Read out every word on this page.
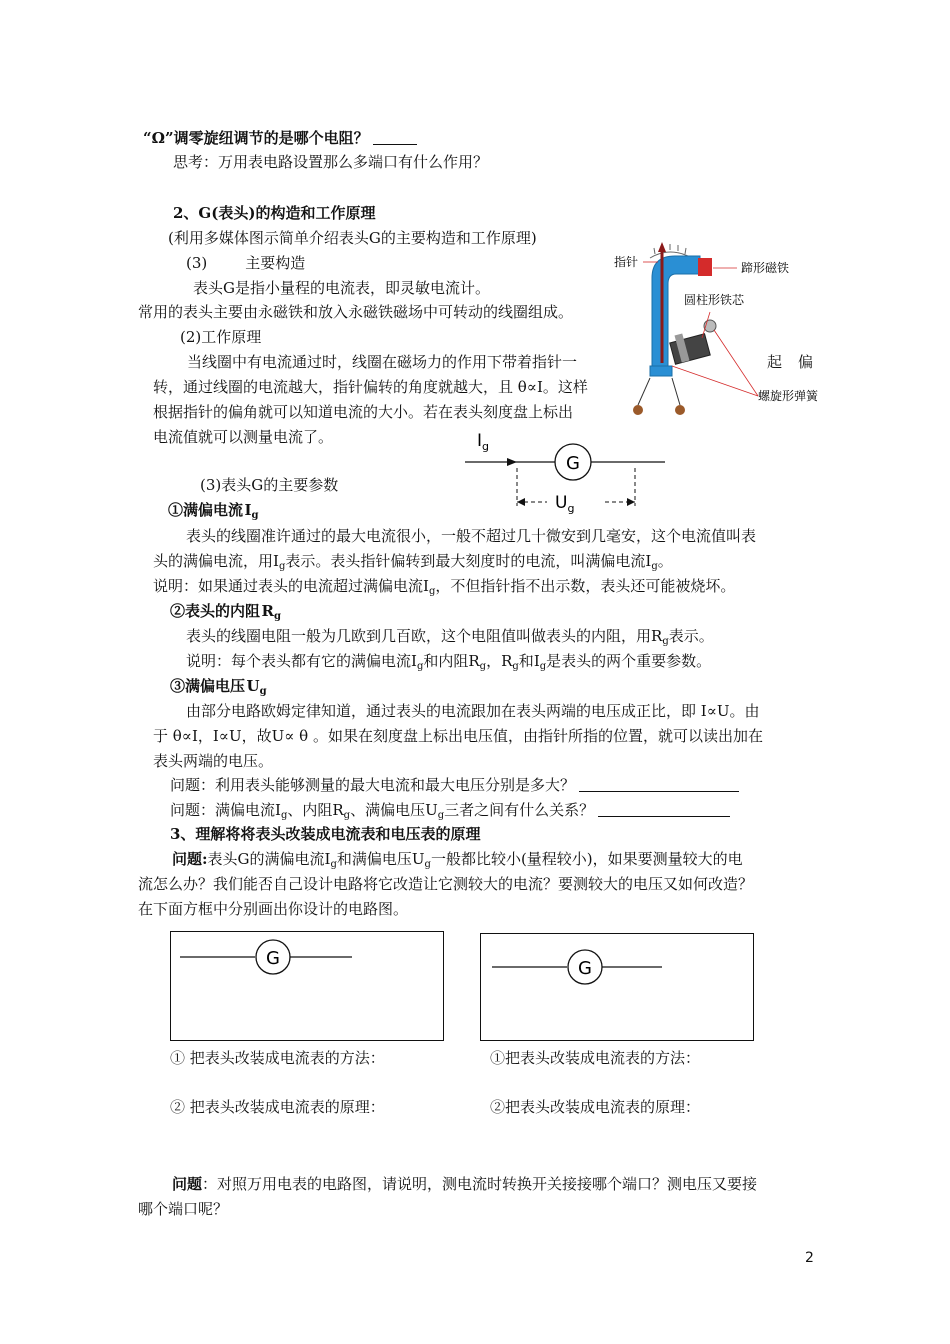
“Ω”调零旋纽调节的是哪个电阻？
思考：万用表电路设置那么多端口有什么作用？
2、G(表头)的构造和工作原理
(利用多媒体图示简单介绍表头G的主要构造和工作原理)
(3)	主要构造
表头G是指小量程的电流表，即灵敏电流计。
常用的表头主要由永磁铁和放入永磁铁磁场中可转动的线圈组成。
(2)工作原理
当线圈中有电流通过时，线圈在磁场力的作用下带着指针一	起 偏
转，通过线圈的电流越大，指针偏转的角度就越大，且 θ∝I。这样
根据指针的偏角就可以知道电流的大小。若在表头刻度盘上标出
电流值就可以测量电流了。
指针	蹄形磁铁
圆柱形铁芯
螺旋形弹簧
$I_g$
G
$U_g$
(3)表头G的主要参数
①满偏电流  $I_g$
表头的线圈准许通过的最大电流很小，一般不超过几十微安到几毫安，这个电流值叫表
头的满偏电流，用$I_g$表示。表头指针偏转到最大刻度时的电流，叫满偏电流$I_g$。
说明：如果通过表头的电流超过满偏电流$I_g$，不但指针指不出示数，表头还可能被烧坏。
②表头的内阻  $R_g$
表头的线圈电阻一般为几欧到几百欧，这个电阻值叫做表头的内阻，用$R_g$表示。
说明：每个表头都有它的满偏电流$I_g$和内阻$R_g$，$R_g$和$I_g$是表头的两个重要参数。
③满偏电压  $U_g$
由部分电路欧姆定律知道，通过表头的电流跟加在表头两端的电压成正比，即 I∝U。由
于 θ∝I，I∝U，故U∝ θ 。如果在刻度盘上标出电压值，由指针所指的位置，就可以读出加在
表头两端的电压。
问题：利用表头能够测量的最大电流和最大电压分别是多大？
问题：满偏电流$I_g$、内阻$R_g$、满偏电压$U_g$三者之间有什么关系？
3、理解将将表头改装成电流表和电压表的原理
问题:表头G的满偏电流$I_g$和满偏电压$U_g$一般都比较小(量程较小)，如果要测量较大的电
流怎么办？我们能否自己设计电路将它改造让它测较大的电流？要测较大的电压又如何改造？
在下面方框中分别画出你设计的电路图。
G	G
① 把表头改装成电流表的方法：	①把表头改装成电流表的方法：
② 把表头改装成电流表的原理：	②把表头改装成电流表的原理：
问题：对照万用电表的电路图，请说明，测电流时转换开关接接哪个端口？测电压又要接
哪个端口呢？
2
